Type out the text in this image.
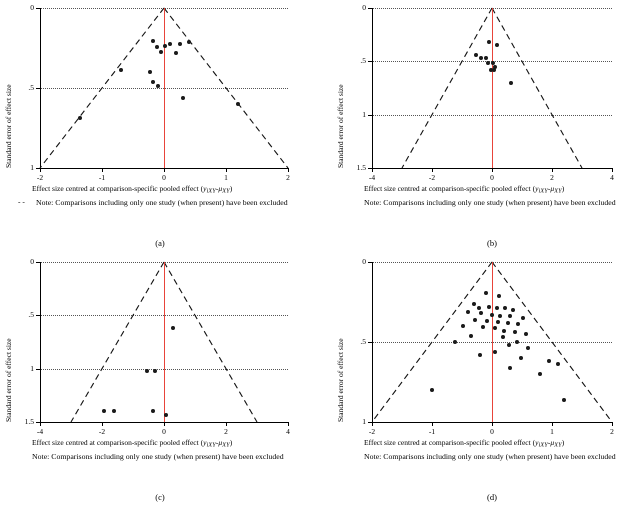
0
.5
1
-2	-1	0	1	2
Standard error of effect size
Effect size centred at comparison-specific pooled effect (yiXY-μXY)
Note: Comparisons including only one study (when present) have been excluded
- -
(a)
0
.5
1
1.5
-4	-2	0	2	4
Standard error of effect size
Effect size centred at comparison-specific pooled effect (yiXY-μXY)
Note: Comparisons including only one study (when present) have been excluded
(b)
0
.5
1
1.5
-4	-2	0	2	4
Standard error of effect size
Effect size centred at comparison-specific pooled effect (yiXY-μXY)
Note: Comparisons including only one study (when present) have been excluded
(c)
0
.5
1
-2	-1	0	1	2
Standard error of effect size
Effect size centred at comparison-specific pooled effect (yiXY-μXY)
Note: Comparisons including only one study (when present) have been excluded
(d)
